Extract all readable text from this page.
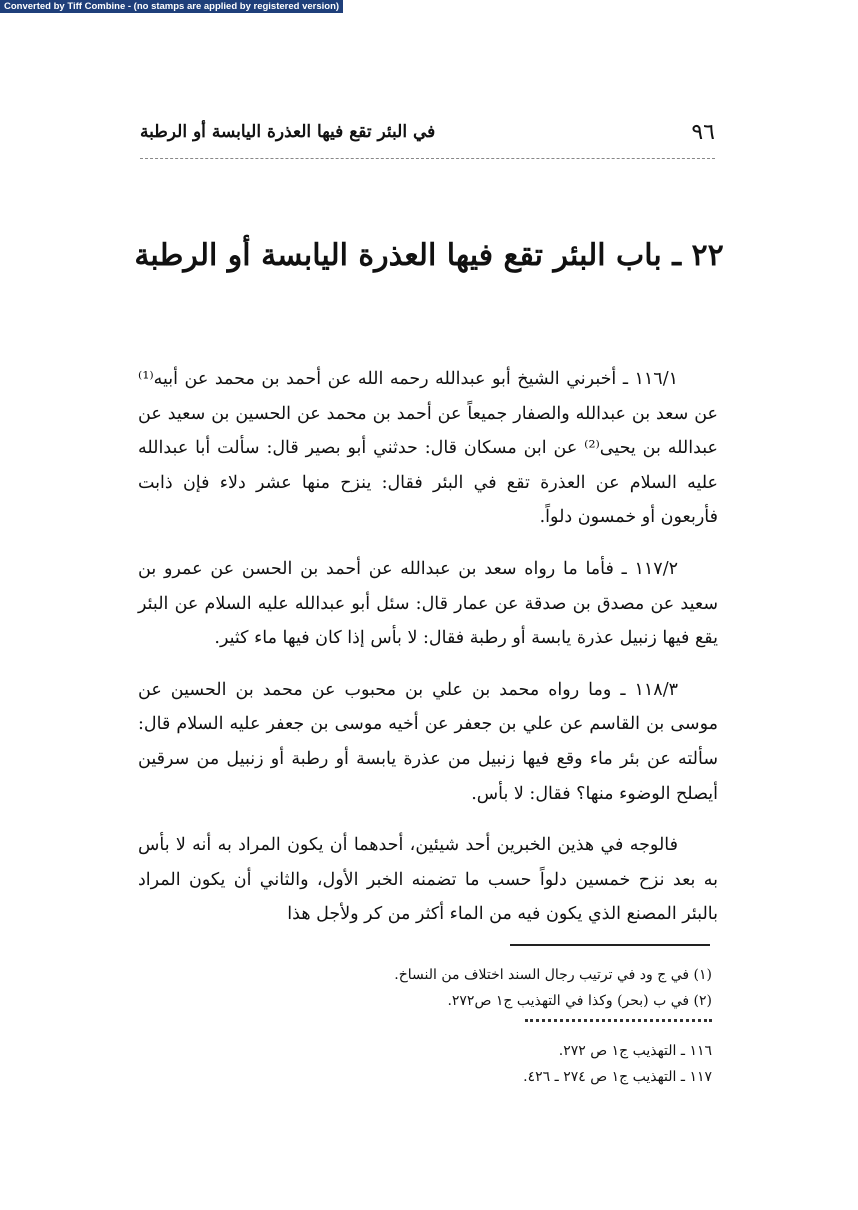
Converted by Tiff Combine - (no stamps are applied by registered version)
٩٦
في البئر تقع فيها العذرة اليابسة أو الرطبة
٢٢ ـ باب البئر تقع فيها العذرة اليابسة أو الرطبة

١١٦/١ ـ أخبرني الشيخ أبو عبدالله رحمه الله عن أحمد بن محمد عن أبيه⁽¹⁾ عن سعد بن عبدالله والصفار جميعاً عن أحمد بن محمد عن الحسين بن سعيد عن عبدالله بن يحيى⁽²⁾ عن ابن مسكان قال: حدثني أبو بصير قال: سألت أبا عبدالله عليه السلام عن العذرة تقع في البئر فقال: ينزح منها عشر دلاء فإن ذابت فأربعون أو خمسون دلواً.

١١٧/٢ ـ فأما ما رواه سعد بن عبدالله عن أحمد بن الحسن عن عمرو بن سعيد عن مصدق بن صدقة عن عمار قال: سئل أبو عبدالله عليه السلام عن البئر يقع فيها زنبيل عذرة يابسة أو رطبة فقال: لا بأس إذا كان فيها ماء كثير.

١١٨/٣ ـ وما رواه محمد بن علي بن محبوب عن محمد بن الحسين عن موسى بن القاسم عن علي بن جعفر عن أخيه موسى بن جعفر عليه السلام قال: سألته عن بئر ماء وقع فيها زنبيل من عذرة يابسة أو رطبة أو زنبيل من سرقين أيصلح الوضوء منها؟ فقال: لا بأس.

فالوجه في هذين الخبرين أحد شيئين، أحدهما أن يكون المراد به أنه لا بأس به بعد نزح خمسين دلواً حسب ما تضمنه الخبر الأول، والثاني أن يكون المراد بالبئر المصنع الذي يكون فيه من الماء أكثر من كر ولأجل هذا

(١) في ج ود في ترتيب رجال السند اختلاف من النساخ.
(٢) في ب (بحر) وكذا في التهذيب ج١ ص٢٧٢.
١١٦ ـ التهذيب ج١ ص ٢٧٢.
١١٧ ـ التهذيب ج١ ص ٢٧٤ ـ ٤٢٦.
